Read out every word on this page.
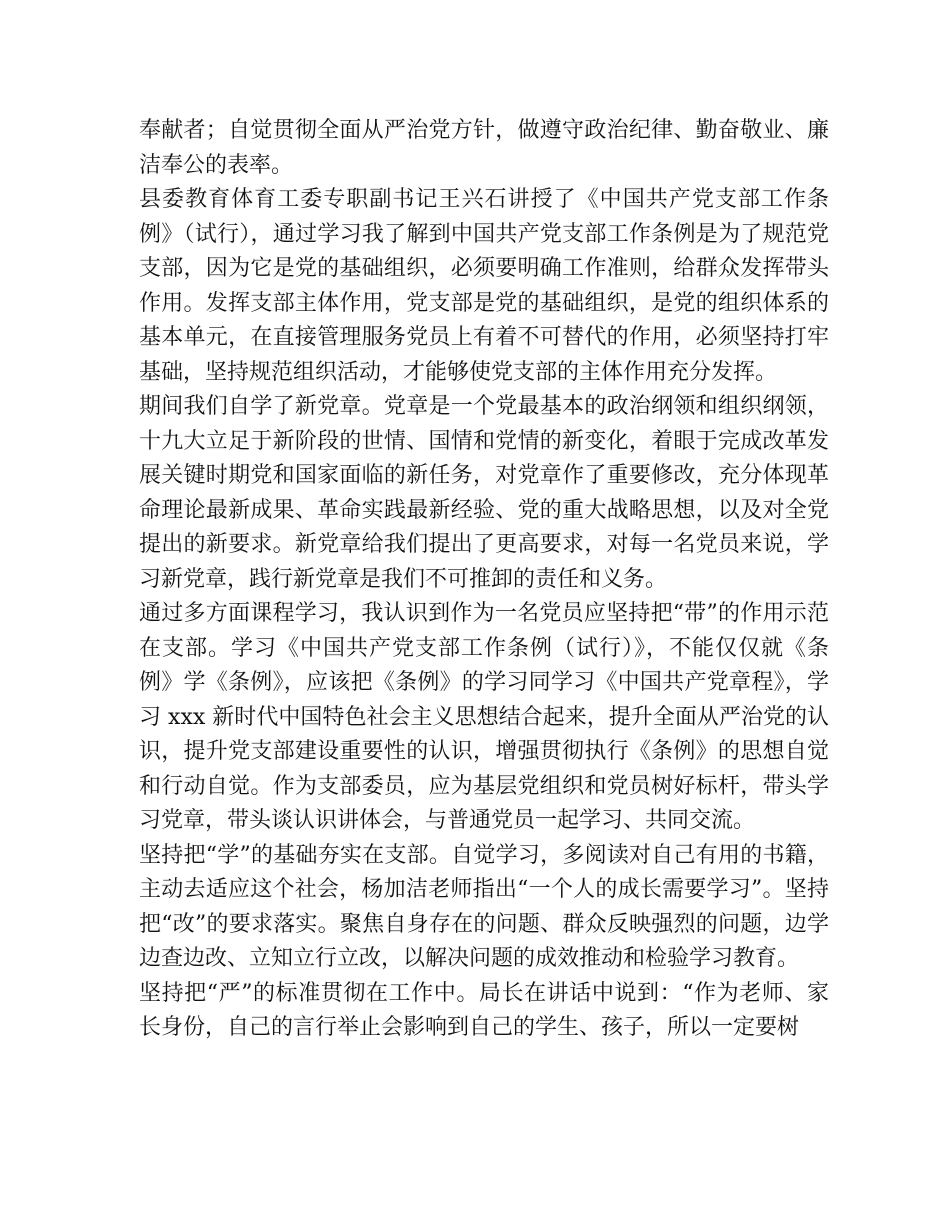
奉献者；自觉贯彻全面从严治党方针，做遵守政治纪律、勤奋敬业、廉洁奉公的表率。

县委教育体育工委专职副书记王兴石讲授了《中国共产党支部工作条例》（试行），通过学习我了解到中国共产党支部工作条例是为了规范党支部，因为它是党的基础组织，必须要明确工作准则，给群众发挥带头作用。发挥支部主体作用，党支部是党的基础组织，是党的组织体系的基本单元，在直接管理服务党员上有着不可替代的作用，必须坚持打牢基础，坚持规范组织活动，才能够使党支部的主体作用充分发挥。

期间我们自学了新党章。党章是一个党最基本的政治纲领和组织纲领，十九大立足于新阶段的世情、国情和党情的新变化，着眼于完成改革发展关键时期党和国家面临的新任务，对党章作了重要修改，充分体现革命理论最新成果、革命实践最新经验、党的重大战略思想，以及对全党提出的新要求。新党章给我们提出了更高要求，对每一名党员来说，学习新党章，践行新党章是我们不可推卸的责任和义务。

通过多方面课程学习，我认识到作为一名党员应坚持把“带”的作用示范在支部。学习《中国共产党支部工作条例（试行）》，不能仅仅就《条例》学《条例》，应该把《条例》的学习同学习《中国共产党章程》，学习 xxx 新时代中国特色社会主义思想结合起来，提升全面从严治党的认识，提升党支部建设重要性的认识，增强贯彻执行《条例》的思想自觉和行动自觉。作为支部委员，应为基层党组织和党员树好标杆，带头学习党章，带头谈认识讲体会，与普通党员一起学习、共同交流。

坚持把“学”的基础夯实在支部。自觉学习，多阅读对自己有用的书籍，主动去适应这个社会，杨加洁老师指出“一个人的成长需要学习”。坚持把“改”的要求落实。聚焦自身存在的问题、群众反映强烈的问题，边学边查边改、立知立行立改，以解决问题的成效推动和检验学习教育。

坚持把“严”的标准贯彻在工作中。局长在讲话中说到：“作为老师、家长身份，自己的言行举止会影响到自己的学生、孩子，所以一定要树
